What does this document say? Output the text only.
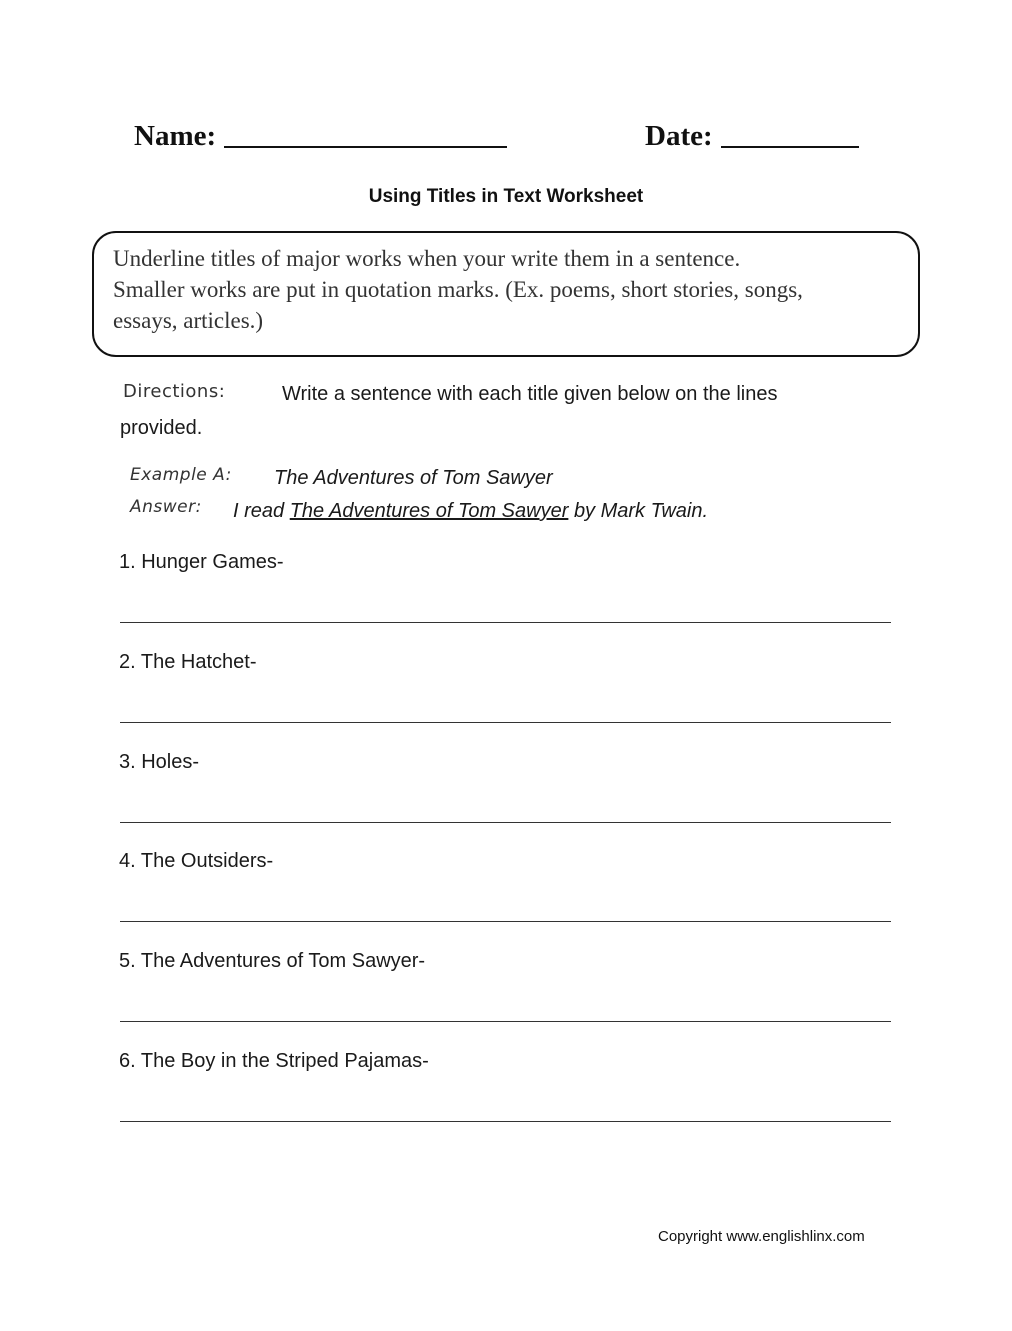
Name:	Date:
Using Titles in Text Worksheet
Underline titles of major works when your write them in a sentence.
Smaller works are put in quotation marks. (Ex. poems, short stories, songs,
essays, articles.)
Directions:	Write a sentence with each title given below on the lines
provided.
Example A: The Adventures of Tom Sawyer
Answer: I read The Adventures of Tom Sawyer by Mark Twain.
1. Hunger Games-
2. The Hatchet-
3. Holes-
4. The Outsiders-
5. The Adventures of Tom Sawyer-
6. The Boy in the Striped Pajamas-
Copyright www.englishlinx.com
